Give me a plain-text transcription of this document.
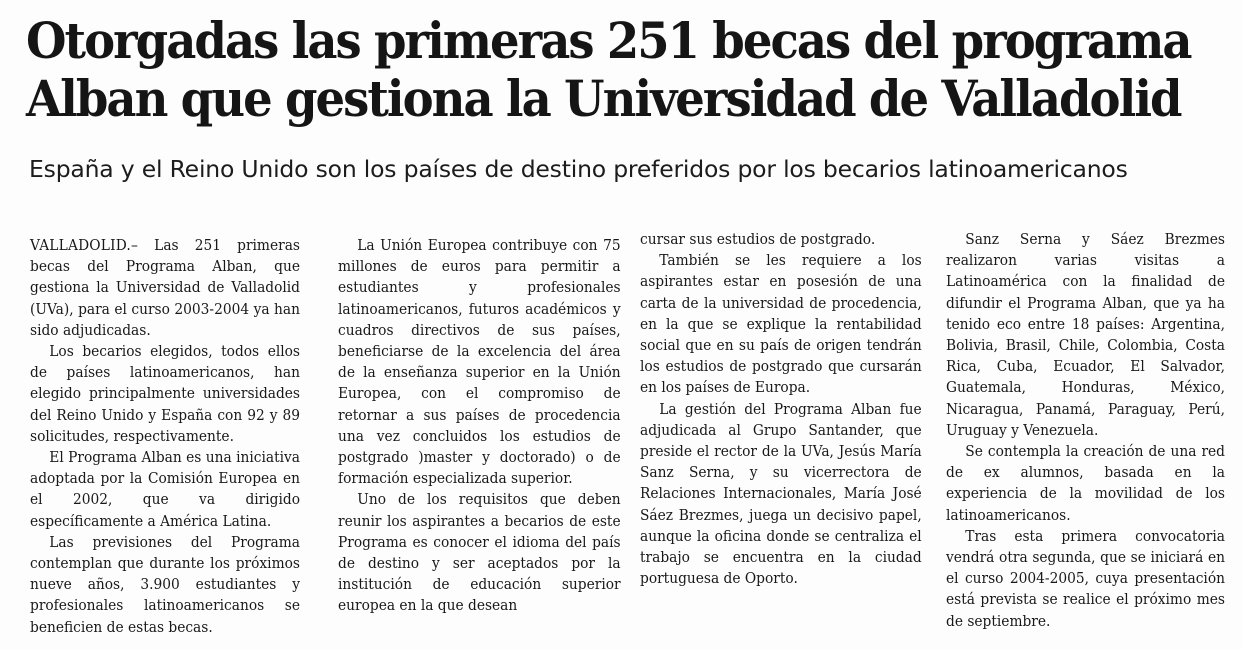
Otorgadas las primeras 251 becas del programa
Alban que gestiona la Universidad de Valladolid
España y el Reino Unido son los países de destino preferidos por los becarios latinoamericanos

VALLADOLID.– Las 251 primeras becas del Programa Alban, que gestiona la Universidad de Valladolid (UVa), para el curso 2003-2004 ya han sido adjudicadas.

Los becarios elegidos, todos ellos de países latinoamericanos, han elegido principalmente universidades del Reino Unido y España con 92 y 89 solicitudes, respectivamente.

El Programa Alban es una iniciativa adoptada por la Comisión Europea en el 2002, que va dirigido específicamente a América Latina.

Las previsiones del Programa contemplan que durante los próximos nueve años, 3.900 estudiantes y profesionales latinoamericanos se beneficien de estas becas.

La Unión Europea contribuye con 75 millones de euros para permitir a estudiantes y profesionales latinoamericanos, futuros académicos y cuadros directivos de sus países, beneficiarse de la excelencia del área de la enseñanza superior en la Unión Europea, con el compromiso de retornar a sus países de procedencia una vez concluidos los estudios de postgrado )master y doctorado) o de formación especializada superior.

Uno de los requisitos que deben reunir los aspirantes a becarios de este Programa es conocer el idioma del país de destino y ser aceptados por la institución de educación superior europea en la que desean

cursar sus estudios de postgrado.

También se les requiere a los aspirantes estar en posesión de una carta de la universidad de procedencia, en la que se explique la rentabilidad social que en su país de origen tendrán los estudios de postgrado que cursarán en los países de Europa.

La gestión del Programa Alban fue adjudicada al Grupo Santander, que preside el rector de la UVa, Jesús María Sanz Serna, y su vicerrectora de Relaciones Internacionales, María José Sáez Brezmes, juega un decisivo papel, aunque la oficina donde se centraliza el trabajo se encuentra en la ciudad portuguesa de Oporto.

Sanz Serna y Sáez Brezmes realizaron varias visitas a Latinoamérica con la finalidad de difundir el Programa Alban, que ya ha tenido eco entre 18 países: Argentina, Bolivia, Brasil, Chile, Colombia, Costa Rica, Cuba, Ecuador, El Salvador, Guatemala, Honduras, México, Nicaragua, Panamá, Paraguay, Perú, Uruguay y Venezuela.

Se contempla la creación de una red de ex alumnos, basada en la experiencia de la movilidad de los latinoamericanos.

Tras esta primera convocatoria vendrá otra segunda, que se iniciará en el curso 2004-2005, cuya presentación está prevista se realice el próximo mes de septiembre.
